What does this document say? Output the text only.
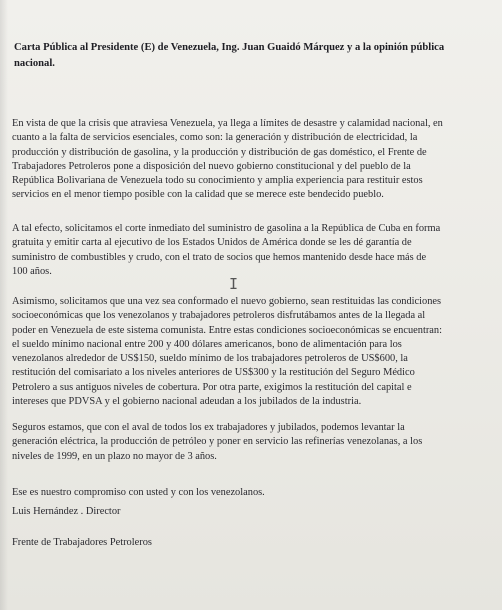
Carta Pública al Presidente (E) de Venezuela, Ing. Juan Guaidó Márquez y a la opinión pública
nacional.
En vista de que la crisis que atraviesa Venezuela, ya llega a límites de desastre y calamidad nacional, en
cuanto a la falta de servicios esenciales, como son: la generación y distribución de electricidad, la
producción y distribución de gasolina, y la producción y distribución de gas doméstico, el Frente de
Trabajadores Petroleros pone a disposición del nuevo gobierno constitucional y del pueblo de la
República Bolivariana de Venezuela todo su conocimiento y amplia experiencia para restituir estos
servicios en el menor tiempo posible con la calidad que se merece este bendecido pueblo.
A tal efecto, solicitamos el corte inmediato del suministro de gasolina a la República de Cuba en forma
gratuita y emitir carta al ejecutivo de los Estados Unidos de América donde se les dé garantía de
suministro de combustibles y crudo, con el trato de socios que hemos mantenido desde hace más de
100 años.
Asimismo, solicitamos que una vez sea conformado el nuevo gobierno, sean restituidas las condiciones
socioeconómicas que los venezolanos y trabajadores petroleros disfrutábamos antes de la llegada al
poder en Venezuela de este sistema comunista. Entre estas condiciones socioeconómicas se encuentran:
el sueldo mínimo nacional entre 200 y 400 dólares americanos, bono de alimentación para los
venezolanos alrededor de US$150, sueldo mínimo de los trabajadores petroleros de US$600, la
restitución del comisariato a los niveles anteriores de US$300 y la restitución del Seguro Médico
Petrolero a sus antiguos niveles de cobertura. Por otra parte, exigimos la restitución del capital e
intereses que PDVSA y el gobierno nacional adeudan a los jubilados de la industria.
Seguros estamos, que con el aval de todos los ex trabajadores y jubilados, podemos levantar la
generación eléctrica, la producción de petróleo y poner en servicio las refinerías venezolanas, a los
niveles de 1999, en un plazo no mayor de 3 años.
Ese es nuestro compromiso con usted y con los venezolanos.
Luis Hernández . Director
Frente de Trabajadores Petroleros
I
